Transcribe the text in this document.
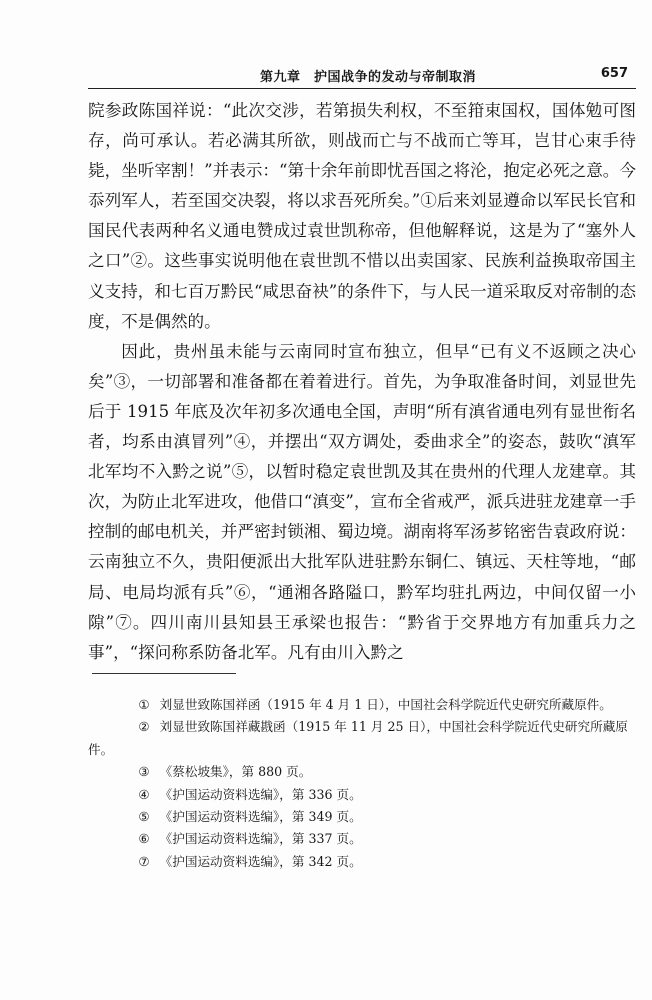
第九章　护国战争的发动与帝制取消	657

院参政陈国祥说：“此次交涉，若第损失利权，不至箝束国权，国体勉可图存，尚可承认。若必满其所欲，则战而亡与不战而亡等耳，岂甘心束手待毙，坐听宰割！”并表示：“第十余年前即忧吾国之将沦，抱定必死之意。今忝列军人，若至国交决裂，将以求吾死所矣。”①后来刘显遵命以军民长官和国民代表两种名义通电赞成过袁世凯称帝，但他解释说，这是为了“塞外人之口”②。这些事实说明他在袁世凯不惜以出卖国家、民族利益换取帝国主义支持，和七百万黔民“咸思奋袂”的条件下，与人民一道采取反对帝制的态度，不是偶然的。

因此，贵州虽未能与云南同时宣布独立，但早“已有义不返顾之决心矣”③，一切部署和准备都在着着进行。首先，为争取准备时间，刘显世先后于 1915 年底及次年初多次通电全国，声明“所有滇省通电列有显世衔名者，均系由滇冒列”④，并摆出“双方调处，委曲求全”的姿态，鼓吹“滇军北军均不入黔之说”⑤，以暂时稳定袁世凯及其在贵州的代理人龙建章。其次，为防止北军进攻，他借口“滇变”，宣布全省戒严，派兵进驻龙建章一手控制的邮电机关，并严密封锁湘、蜀边境。湖南将军汤芗铭密告袁政府说：云南独立不久，贵阳便派出大批军队进驻黔东铜仁、镇远、天柱等地，“邮局、电局均派有兵”⑥，“通湘各路隘口，黔军均驻扎两边，中间仅留一小隙”⑦。四川南川县知县王承梁也报告：“黔省于交界地方有加重兵力之事”，“探问称系防备北军。凡有由川入黔之

① 刘显世致陈国祥函（1915 年 4 月 1 日），中国社会科学院近代史研究所藏原件。

② 刘显世致陈国祥藏戡函（1915 年 11 月 25 日），中国社会科学院近代史研究所藏原件。

③ 《蔡松坡集》，第 880 页。

④ 《护国运动资料选编》，第 336 页。

⑤ 《护国运动资料选编》，第 349 页。

⑥ 《护国运动资料选编》，第 337 页。

⑦ 《护国运动资料选编》，第 342 页。
